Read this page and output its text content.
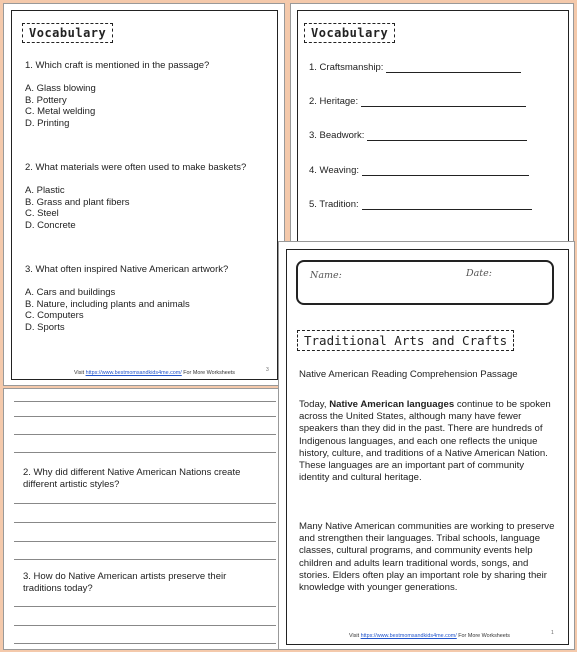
Vocabulary
1. Which craft is mentioned in the passage?
A. Glass blowing
B. Pottery
C. Metal welding
D. Printing
2. What materials were often used to make baskets?
A. Plastic
B. Grass and plant fibers
C. Steel
D. Concrete
3. What often inspired Native American artwork?
A. Cars and buildings
B. Nature, including plants and animals
C. Computers
D. Sports
Visit https://www.bestmomsandkids4me.com/ For More Worksheets	3
Vocabulary
1. Craftsmanship:
2. Heritage:
3. Beadwork:
4. Weaving:
5. Tradition:
2. Why did different Native American Nations create different artistic styles?
3. How do Native American artists preserve their traditions today?
Name:	Date:
Traditional Arts and Crafts
Native American Reading Comprehension Passage
Today, Native American languages continue to be spoken across the United States, although many have fewer speakers than they did in the past. There are hundreds of Indigenous languages, and each one reflects the unique history, culture, and traditions of a Native American Nation. These languages are an important part of community identity and cultural heritage.
Many Native American communities are working to preserve and strengthen their languages. Tribal schools, language classes, cultural programs, and community events help children and adults learn traditional words, songs, and stories. Elders often play an important role by sharing their knowledge with younger generations.
Visit https://www.bestmomsandkids4me.com/ For More Worksheets	1
